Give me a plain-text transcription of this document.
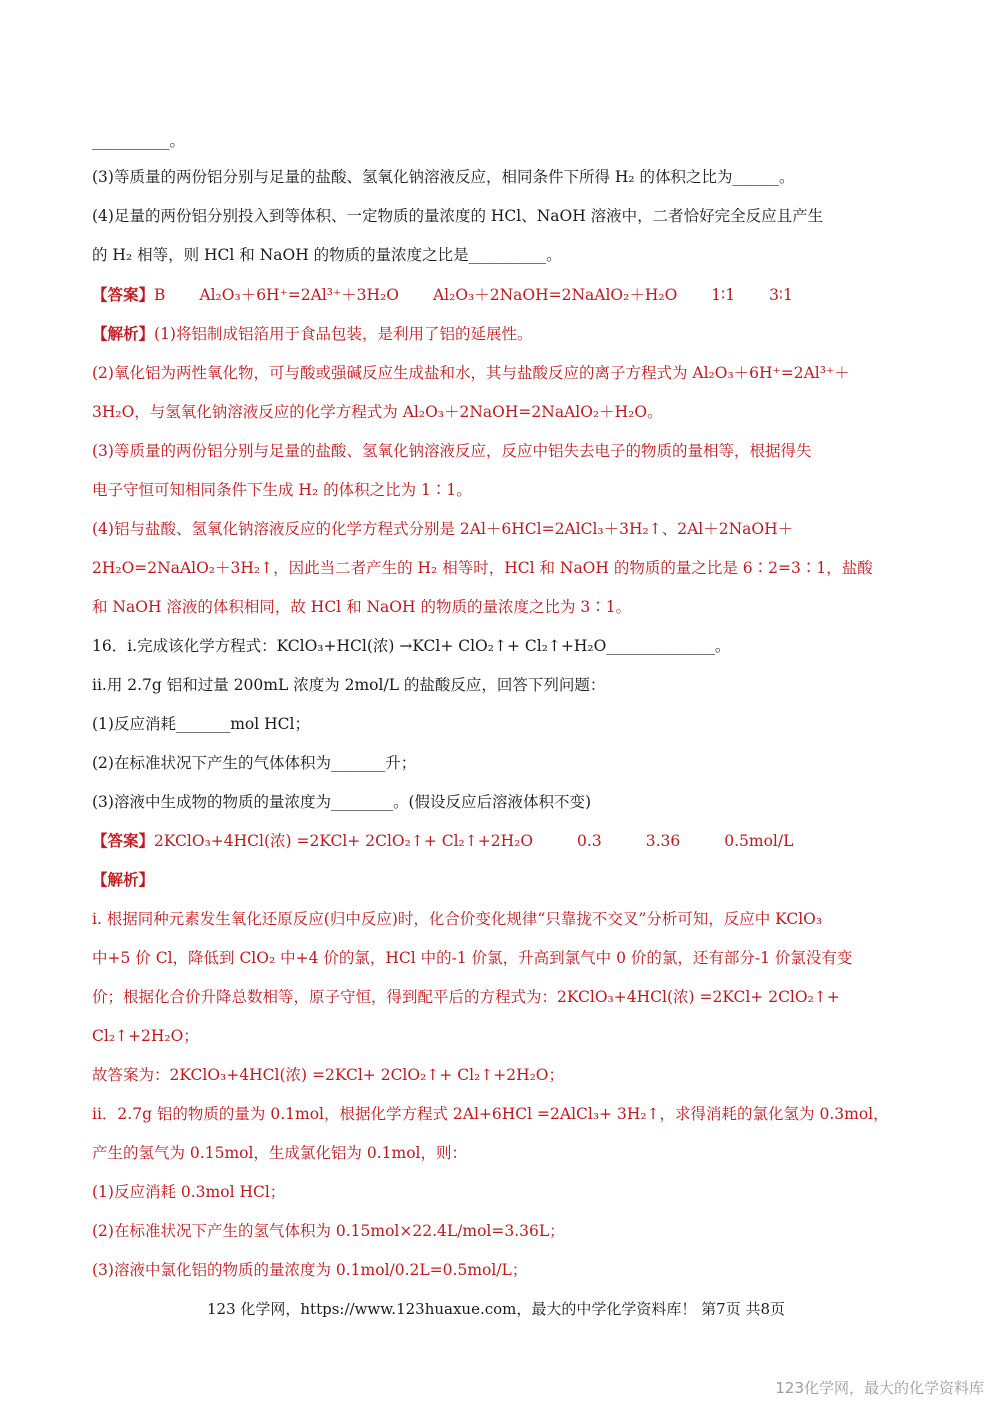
__________。
(3)等质量的两份铝分别与足量的盐酸、氢氧化钠溶液反应，相同条件下所得 H₂ 的体积之比为______。
(4)足量的两份铝分别投入到等体积、一定物质的量浓度的 HCl、NaOH 溶液中，二者恰好完全反应且产生
的 H₂ 相等，则 HCl 和 NaOH 的物质的量浓度之比是__________。
【答案】B Al₂O₃＋6H⁺=2Al³⁺＋3H₂O Al₂O₃＋2NaOH=2NaAlO₂＋H₂O 1∶1 3∶1
【解析】(1)将铝制成铝箔用于食品包装，是利用了铝的延展性。
(2)氧化铝为两性氧化物，可与酸或强碱反应生成盐和水，其与盐酸反应的离子方程式为 Al₂O₃＋6H⁺=2Al³⁺＋
3H₂O，与氢氧化钠溶液反应的化学方程式为 Al₂O₃＋2NaOH=2NaAlO₂＋H₂O。
(3)等质量的两份铝分别与足量的盐酸、氢氧化钠溶液反应，反应中铝失去电子的物质的量相等，根据得失
电子守恒可知相同条件下生成 H₂ 的体积之比为 1∶1。
(4)铝与盐酸、氢氧化钠溶液反应的化学方程式分别是 2Al＋6HCl=2AlCl₃＋3H₂↑、2Al＋2NaOH＋
2H₂O=2NaAlO₂＋3H₂↑，因此当二者产生的 H₂ 相等时，HCl 和 NaOH 的物质的量之比是 6∶2=3∶1，盐酸
和 NaOH 溶液的体积相同，故 HCl 和 NaOH 的物质的量浓度之比为 3∶1。
16．i.完成该化学方程式：KClO₃+HCl(浓) →KCl+ ClO₂↑+ Cl₂↑+H₂O______________。
ii.用 2.7g 铝和过量 200mL 浓度为 2mol/L 的盐酸反应，回答下列问题：
(1)反应消耗_______mol HCl；
(2)在标准状况下产生的气体体积为_______升；
(3)溶液中生成物的物质的量浓度为________。(假设反应后溶液体积不变)
【答案】2KClO₃+4HCl(浓) =2KCl+ 2ClO₂↑+ Cl₂↑+2H₂O	0.3	3.36	0.5mol/L
【解析】
i. 根据同种元素发生氧化还原反应(归中反应)时，化合价变化规律“只靠拢不交叉”分析可知，反应中 KClO₃
中+5 价 Cl，降低到 ClO₂ 中+4 价的氯，HCl 中的-1 价氯，升高到氯气中 0 价的氯，还有部分-1 价氯没有变
价；根据化合价升降总数相等，原子守恒，得到配平后的方程式为：2KClO₃+4HCl(浓) =2KCl+ 2ClO₂↑+
Cl₂↑+2H₂O；
故答案为：2KClO₃+4HCl(浓) =2KCl+ 2ClO₂↑+ Cl₂↑+2H₂O；
ii．2.7g 铝的物质的量为 0.1mol，根据化学方程式 2Al+6HCl =2AlCl₃+ 3H₂↑，求得消耗的氯化氢为 0.3mol，
产生的氢气为 0.15mol，生成氯化铝为 0.1mol，则：
(1)反应消耗 0.3mol HCl；
(2)在标准状况下产生的氢气体积为 0.15mol×22.4L/mol=3.36L；
(3)溶液中氯化铝的物质的量浓度为 0.1mol/0.2L=0.5mol/L；
123 化学网，https://www.123huaxue.com，最大的中学化学资料库！ 第7页 共8页
123化学网，最大的化学资料库
